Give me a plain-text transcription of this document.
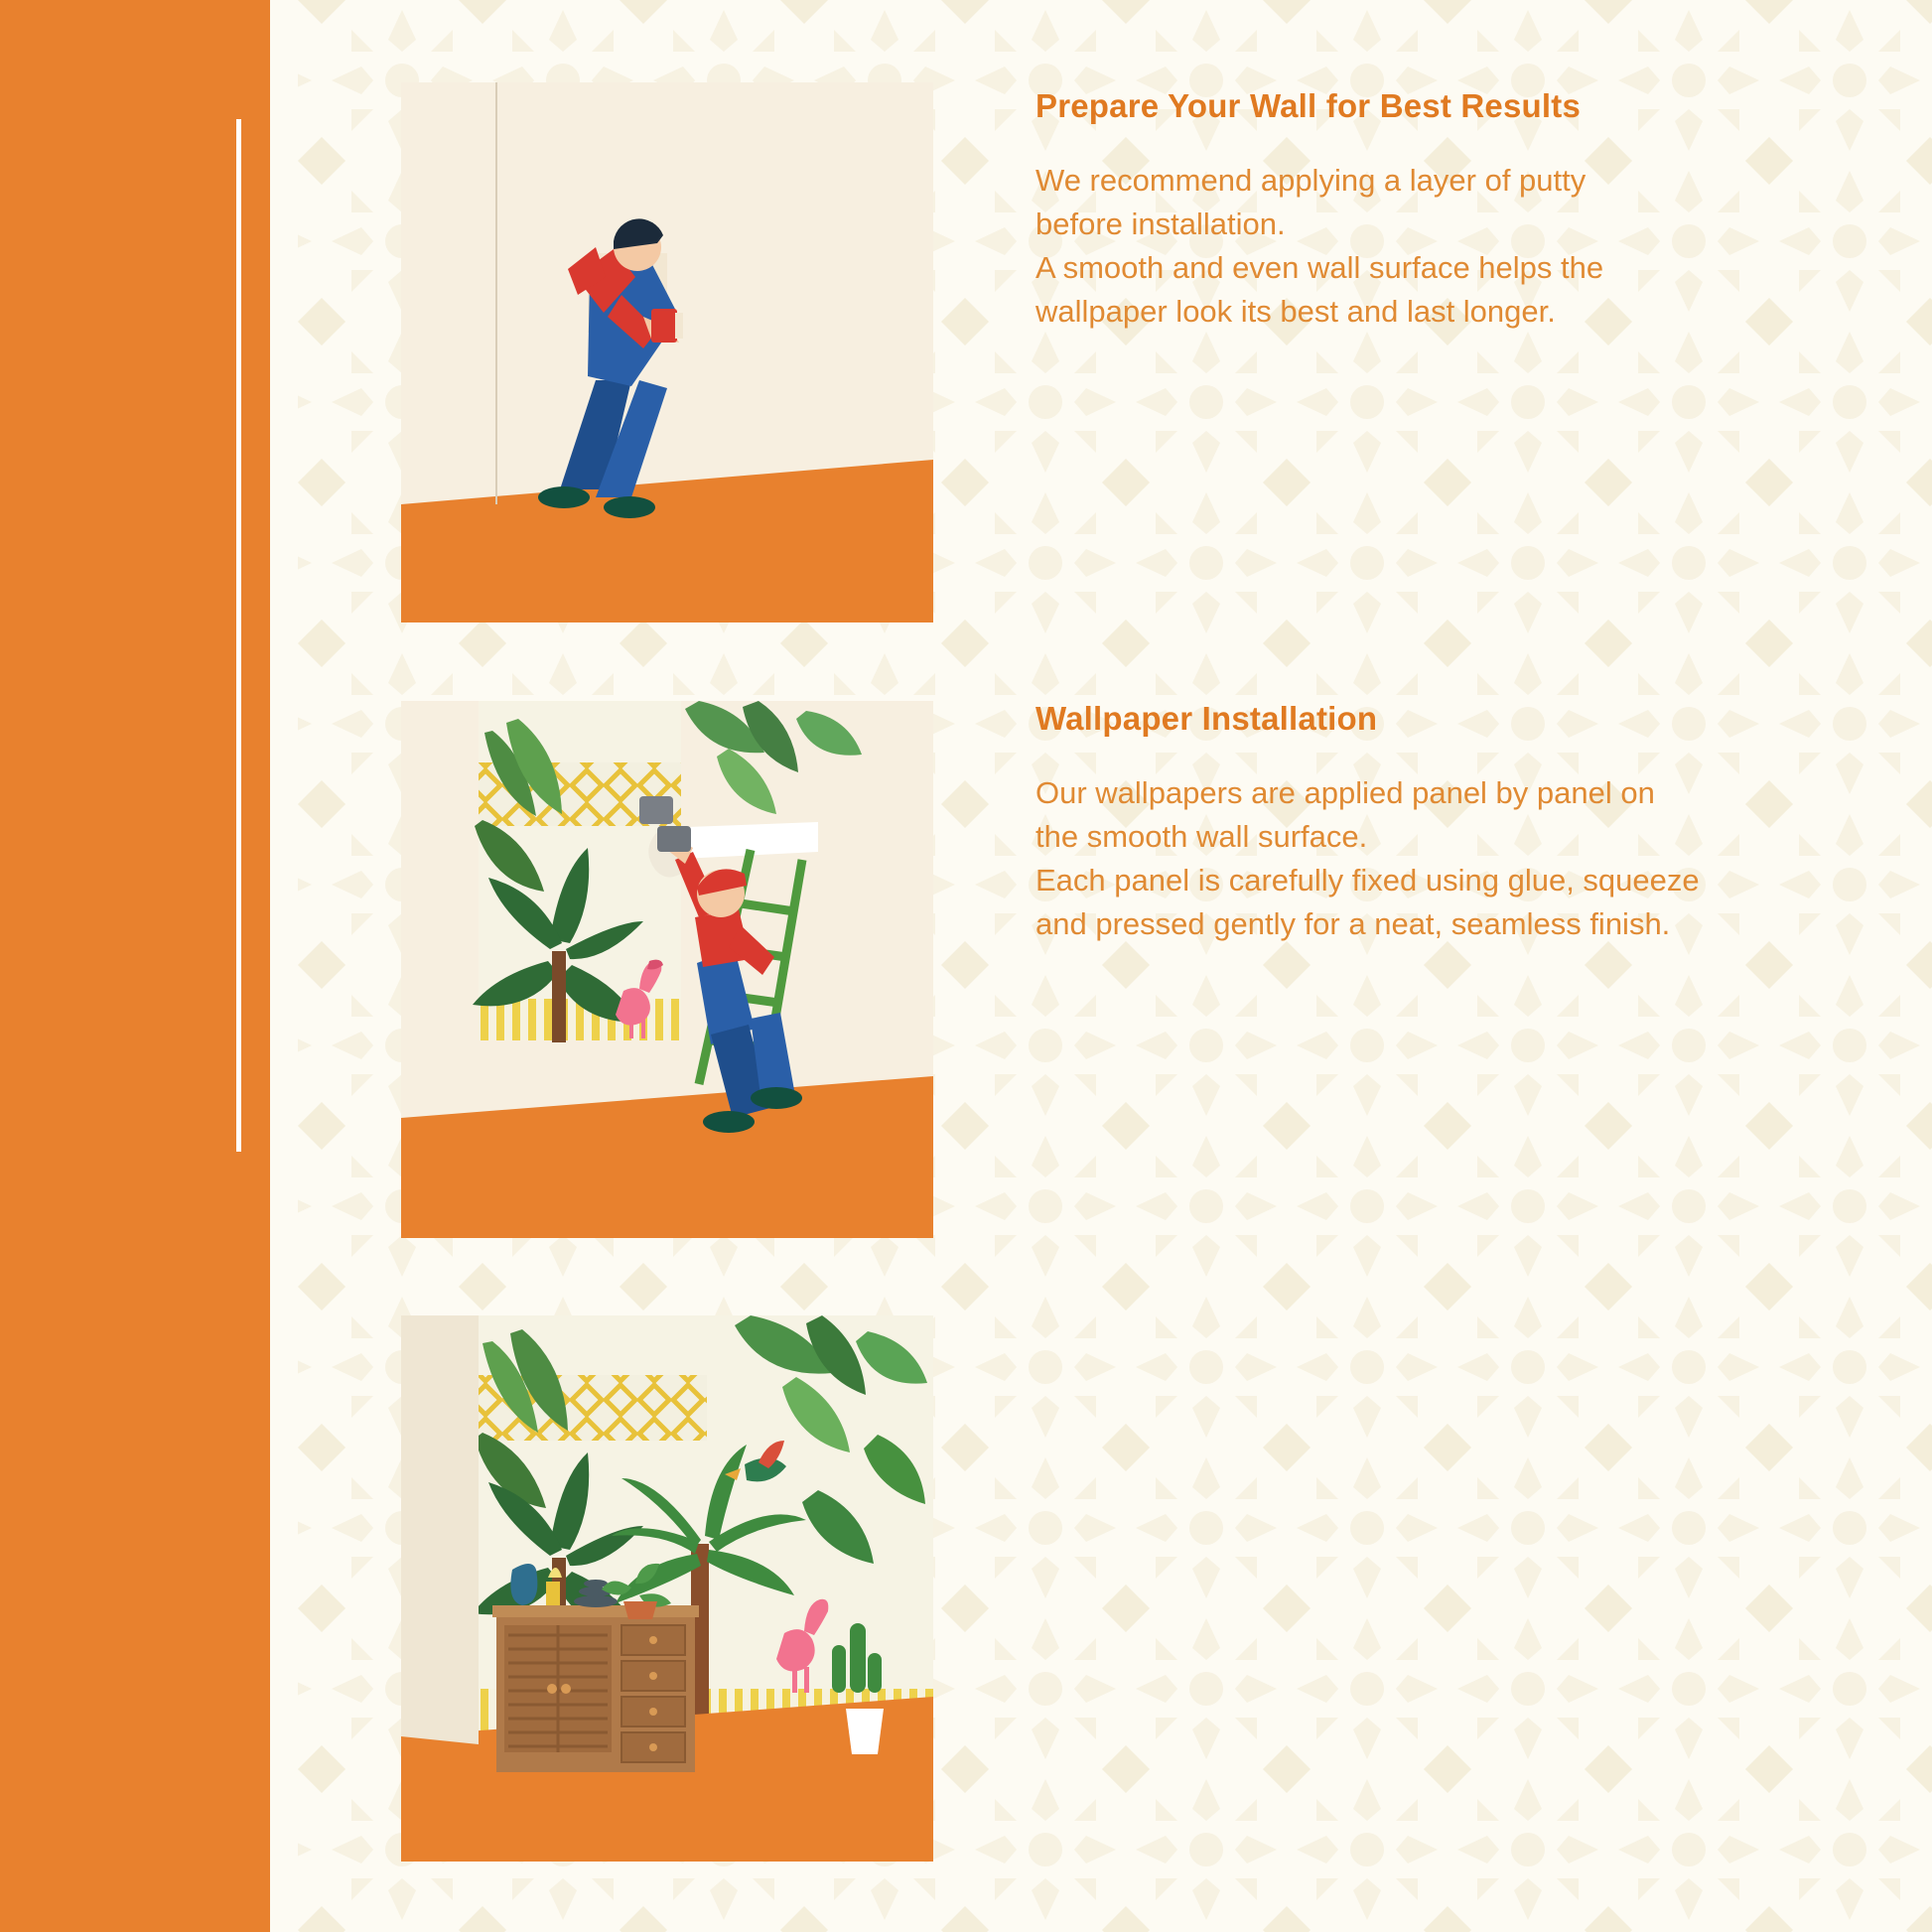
Prepare Your Wall for Best Results

We recommend applying a layer of putty
before installation.
A smooth and even wall surface helps the
wallpaper look its best and last longer.

Wallpaper Installation

Our wallpapers are applied panel by panel on
the smooth wall surface.
Each panel is carefully fixed using glue, squeeze
and pressed gently for a neat, seamless finish.
